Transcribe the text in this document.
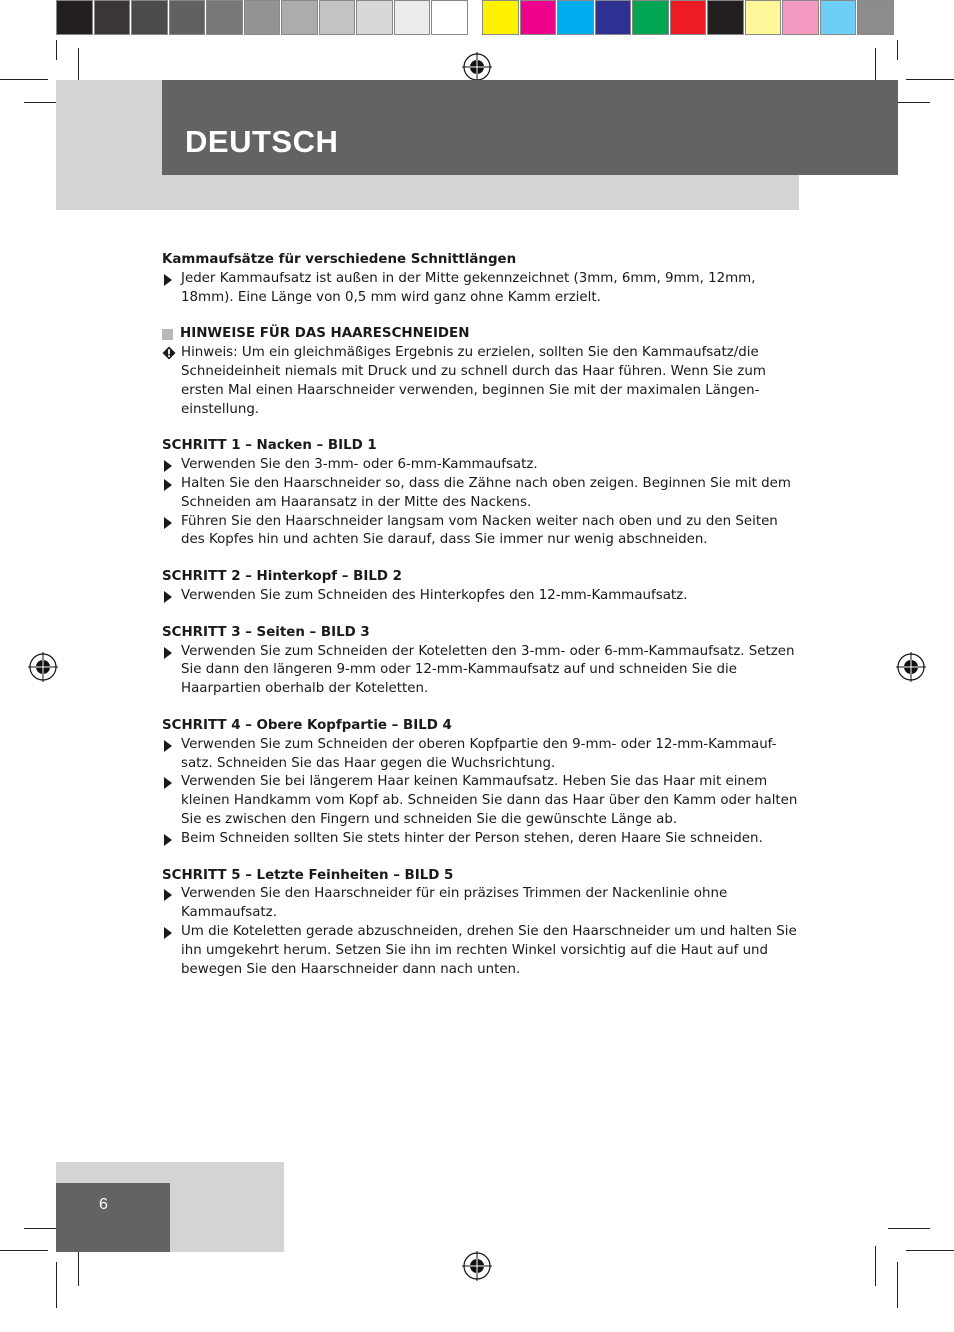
DEUTSCH

Kammaufsätze für verschiedene Schnittlängen

Jeder Kammaufsatz ist außen in der Mitte gekennzeichnet (3mm, 6mm, 9mm, 12mm, 18mm). Eine Länge von 0,5 mm wird ganz ohne Kamm erzielt.

HINWEISE FÜR DAS HAARESCHNEIDEN

Hinweis: Um ein gleichmäßiges Ergebnis zu erzielen, sollten Sie den Kammaufsatz/die Schneideinheit niemals mit Druck und zu schnell durch das Haar führen. Wenn Sie zum ersten Mal einen Haarschneider verwenden, beginnen Sie mit der maximalen Längen-einstellung.

SCHRITT 1 – Nacken – BILD 1

Verwenden Sie den 3-mm- oder 6-mm-Kammaufsatz.
Halten Sie den Haarschneider so, dass die Zähne nach oben zeigen. Beginnen Sie mit dem Schneiden am Haaransatz in der Mitte des Nackens.
Führen Sie den Haarschneider langsam vom Nacken weiter nach oben und zu den Seiten des Kopfes hin und achten Sie darauf, dass Sie immer nur wenig abschneiden.

SCHRITT 2 – Hinterkopf – BILD 2

Verwenden Sie zum Schneiden des Hinterkopfes den 12-mm-Kammaufsatz.

SCHRITT 3 – Seiten – BILD 3

Verwenden Sie zum Schneiden der Koteletten den 3-mm- oder 6-mm-Kammaufsatz. Setzen Sie dann den längeren 9-mm oder 12-mm-Kammaufsatz auf und schneiden Sie die Haarpartien oberhalb der Koteletten.

SCHRITT 4 – Obere Kopfpartie – BILD 4

Verwenden Sie zum Schneiden der oberen Kopfpartie den 9-mm- oder 12-mm-Kammauf-satz. Schneiden Sie das Haar gegen die Wuchsrichtung.
Verwenden Sie bei längerem Haar keinen Kammaufsatz. Heben Sie das Haar mit einem kleinen Handkamm vom Kopf ab. Schneiden Sie dann das Haar über den Kamm oder halten Sie es zwischen den Fingern und schneiden Sie die gewünschte Länge ab.
Beim Schneiden sollten Sie stets hinter der Person stehen, deren Haare Sie schneiden.

SCHRITT 5 – Letzte Feinheiten – BILD 5

Verwenden Sie den Haarschneider für ein präzises Trimmen der Nackenlinie ohne Kammaufsatz.
Um die Koteletten gerade abzuschneiden, drehen Sie den Haarschneider um und halten Sie ihn umgekehrt herum. Setzen Sie ihn im rechten Winkel vorsichtig auf die Haut auf und bewegen Sie den Haarschneider dann nach unten.
6
